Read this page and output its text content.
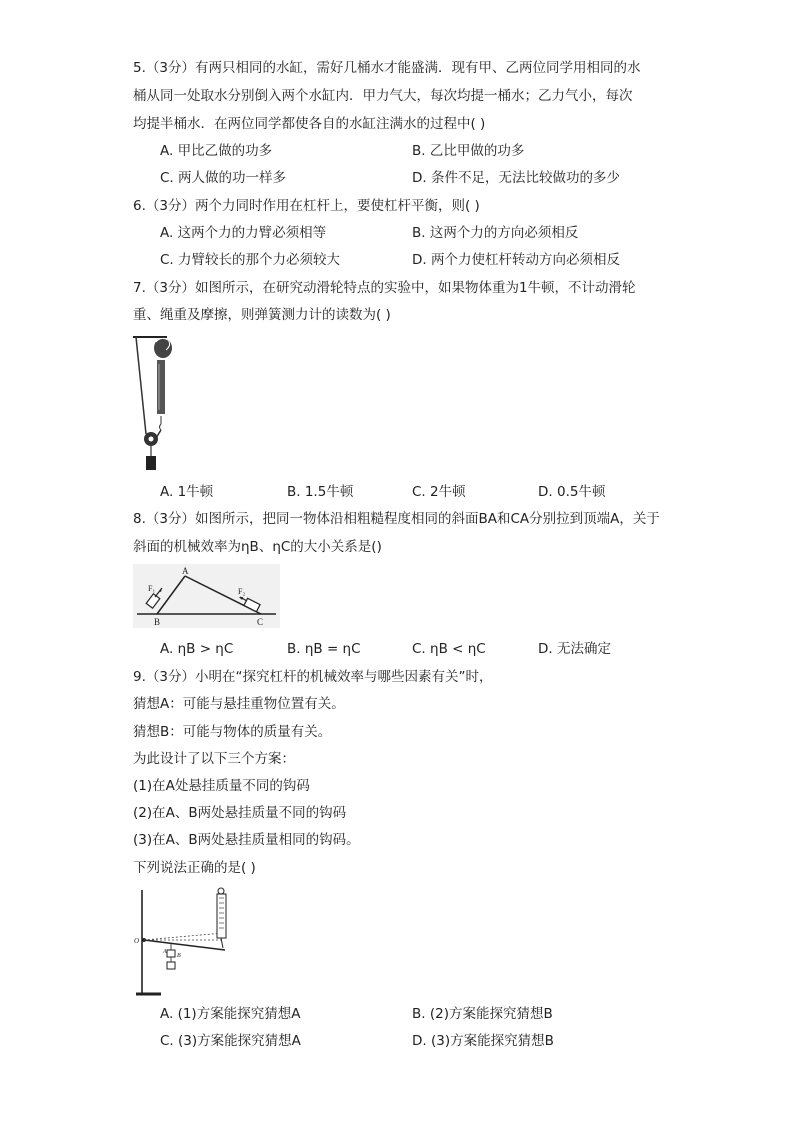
5.（3分）有两只相同的水缸，需好几桶水才能盛满．现有甲、乙两位同学用相同的水
桶从同一处取水分别倒入两个水缸内．甲力气大，每次均提一桶水；乙力气小，每次
均提半桶水．在两位同学都使各自的水缸注满水的过程中( )
A. 甲比乙做的功多	B. 乙比甲做的功多
C. 两人做的功一样多	D. 条件不足，无法比较做功的多少
6.（3分）两个力同时作用在杠杆上，要使杠杆平衡，则( )
A. 这两个力的力臂必须相等	B. 这两个力的方向必须相反
C. 力臂较长的那个力必须较大	D. 两个力使杠杆转动方向必须相反
7.（3分）如图所示，在研究动滑轮特点的实验中，如果物体重为1牛顿，不计动滑轮
重、绳重及摩擦，则弹簧测力计的读数为( )
A. 1牛顿	B. 1.5牛顿	C. 2牛顿	D. 0.5牛顿
8.（3分）如图所示，把同一物体沿相粗糙程度相同的斜面BA和CA分别拉到顶端A，关于
斜面的机械效率为ηB、ηC的大小关系是()
A
B	C
F₁	F₂
A. ηB > ηC	B. ηB = ηC	C. ηB < ηC	D. 无法确定
9.（3分）小明在“探究杠杆的机械效率与哪些因素有关”时，
猜想A：可能与悬挂重物位置有关。
猜想B：可能与物体的质量有关。
为此设计了以下三个方案：
(1)在A处悬挂质量不同的钩码
(2)在A、B两处悬挂质量不同的钩码
(3)在A、B两处悬挂质量相同的钩码。
下列说法正确的是( )
O
A
B
A. (1)方案能探究猜想A	B. (2)方案能探究猜想B
C. (3)方案能探究猜想A	D. (3)方案能探究猜想B
